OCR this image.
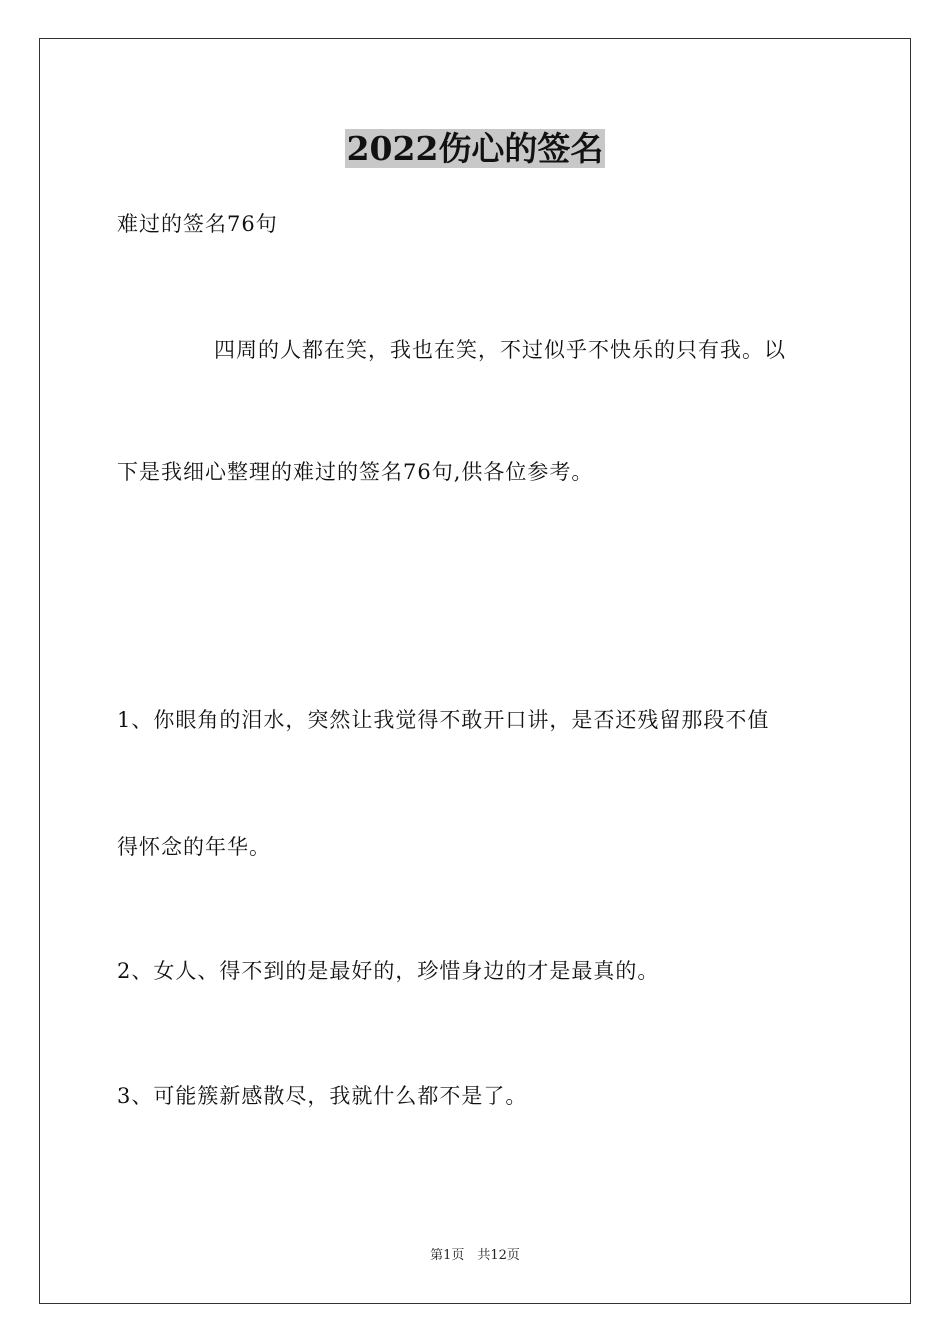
2022伤心的签名
难过的签名76句
四周的人都在笑，我也在笑，不过似乎不快乐的只有我。以
下是我细心整理的难过的签名76句,供各位参考。
1、你眼角的泪水，突然让我觉得不敢开口讲，是否还残留那段不值
得怀念的年华。
2、女人、得不到的是最好的，珍惜身边的才是最真的。
3、可能簇新感散尽，我就什么都不是了。
第1页　共12页
